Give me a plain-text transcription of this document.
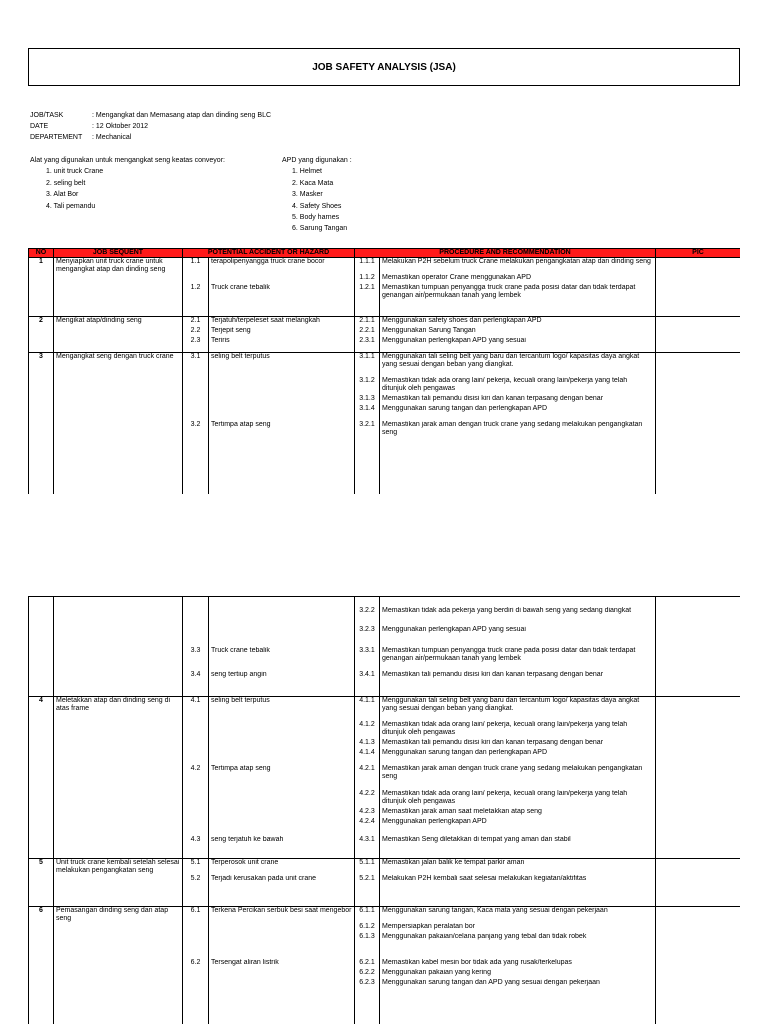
JOB SAFETY ANALYSIS (JSA)
JOB/TASK	: Mengangkat dan Memasang atap dan dinding seng BLC
DATE	: 12 Oktober 2012
DEPARTEMENT : Mechanical
Alat yang digunakan untuk mengangkat seng keatas conveyor:
1. unit truck Crane
2. seling belt
3. Alat Bor
4. Tali pemandu
APD yang digunakan :
1. Helmet
2. Kaca Mata
3. Masker
4. Safety Shoes
5. Body harnes
6. Sarung Tangan
NO	JOB SEQUENT	POTENTIAL ACCIDENT OR HAZARD		PROCEDURE AND RECOMMENDATION		PIC
1	Menyiapkan unit truck crane untuk mengangkat atap dan dinding seng	1.1	terapolipenyangga truck crane bocor	1.1.1	Melakukan P2H sebelum truck Crane melakukan pengangkatan atap dan dinding seng	
				1.1.2	Memastikan operator Crane menggunakan APD	
		1.2	Truck crane tebalik	1.2.1	Memastikan tumpuan penyangga truck crane pada posisi datar dan tidak terdapat genangan air/permukaan tanah yang lembek	
2	Mengikat atap/dinding seng	2.1	Terjatuh/terpeleset saat melangkah	2.1.1	Menggunakan safety shoes dan perlengkapan APD	
		2.2	Terjepit seng	2.2.1	Menggunakan Sarung Tangan	
		2.3	Teriris	2.3.1	Menggunakan perlengkapan APD yang sesuai	
3	Mengangkat seng dengan truck crane	3.1	seling belt terputus	3.1.1	Menggunakan tali seling belt yang baru dan tercantum logo/ kapasitas daya angkat yang sesuai dengan beban yang diangkat.	
				3.1.2	Memastikan tidak ada orang lain/ pekerja, kecuali orang lain/pekerja yang telah ditunjuk oleh pengawas	
				3.1.3	Memastikan tali pemandu disisi kiri dan kanan terpasang dengan benar	
				3.1.4	Menggunakan sarung tangan dan perlengkapan APD	
		3.2	Tertimpa atap seng	3.2.1	Memastikan jarak aman dengan truck crane yang sedang melakukan pengangkatan seng	

				3.2.2	Memastikan tidak ada pekerja yang berdiri di bawah seng yang sedang diangkat	
				3.2.3	Menggunakan perlengkapan APD yang sesuai	
		3.3	Truck crane tebalik	3.3.1	Memastikan tumpuan penyangga truck crane pada posisi datar dan tidak terdapat genangan air/permukaan tanah yang lembek	
		3.4	seng tertiup angin	3.4.1	Memastikan tali pemandu disisi kiri dan kanan terpasang dengan benar	
4	Meletakkan atap dan dinding seng di atas frame	4.1	seling belt terputus	4.1.1	Menggunakan tali seling belt yang baru dan tercantum logo/ kapasitas daya angkat yang sesuai dengan beban yang diangkat.	
				4.1.2	Memastikan tidak ada orang lain/ pekerja, kecuali orang lain/pekerja yang telah ditunjuk oleh pengawas	
				4.1.3	Memastikan tali pemandu disisi kiri dan kanan terpasang dengan benar	
				4.1.4	Menggunakan sarung tangan dan perlengkapan APD	
		4.2	Tertimpa atap seng	4.2.1	Memastikan jarak aman dengan truck crane yang sedang melakukan pengangkatan seng	
				4.2.2	Memastikan tidak ada orang lain/ pekerja, kecuali orang lain/pekerja yang telah ditunjuk oleh pengawas	
				4.2.3	Memastikan jarak aman saat meletakkan atap seng	
				4.2.4	Menggunakan perlengkapan APD	
		4.3	seng terjatuh ke bawah	4.3.1	Memastikan Seng diletakkan di tempat yang aman dan stabil	
5	Unit truck crane kembali setelah selesai melakukan pengangkatan seng	5.1	Terperosok unit crane	5.1.1	Memastikan jalan balik ke tempat parkir aman	
		5.2	Terjadi kerusakan pada unit crane	5.2.1	Melakukan P2H kembali saat selesai melakukan kegiatan/aktifitas	
6	Pemasangan dinding seng dan atap seng	6.1	Terkena Percikan serbuk besi saat mengebor	6.1.1	Menggunakan sarung tangan, Kaca mata yang sesuai dengan pekerjaan	
				6.1.2	Mempersiapkan peralatan bor	
				6.1.3	Menggunakan pakaian/celana panjang yang tebal dan tidak robek	
		6.2	Tersengat aliran listrik	6.2.1	Memastikan kabel mesin bor tidak ada yang rusak/terkelupas	
				6.2.2	Menggunakan pakaian yang kering	
				6.2.3	Menggunakan sarung tangan dan APD yang sesuai dengan pekerjaan	
